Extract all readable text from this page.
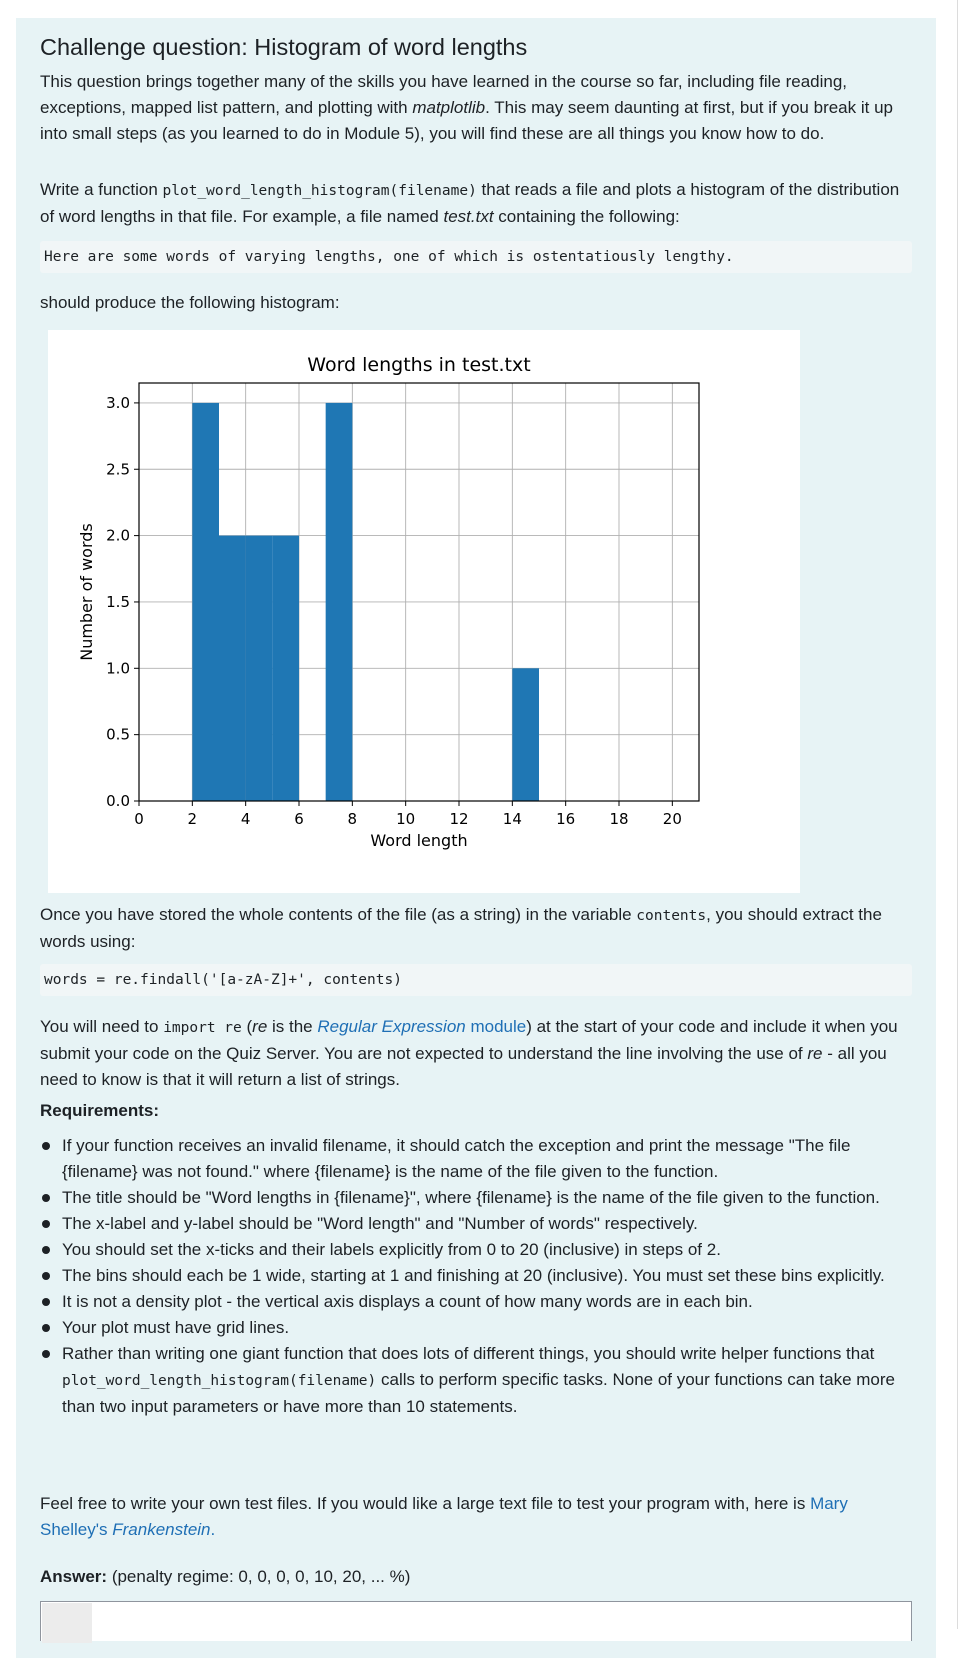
Challenge question: Histogram of word lengths

This question brings together many of the skills you have learned in the course so far, including file reading, exceptions, mapped list pattern, and plotting with matplotlib. This may seem daunting at first, but if you break it up into small steps (as you learned to do in Module 5), you will find these are all things you know how to do.

Write a function plot_word_length_histogram(filename) that reads a file and plots a histogram of the distribution of word lengths in that file. For example, a file named test.txt containing the following:

Here are some words of varying lengths, one of which is ostentatiously lengthy.

should produce the following histogram:

0	2	4	6	8	10 12 14 16 18 20
0.0
0.5
1.0
1.5
2.0
2.5
3.0
Word lengths in test.txt
Word length
Number of words

Once you have stored the whole contents of the file (as a string) in the variable contents, you should extract the words using:

words = re.findall('[a-zA-Z]+', contents)

You will need to import re (re is the Regular Expression module) at the start of your code and include it when you submit your code on the Quiz Server. You are not expected to understand the line involving the use of re - all you need to know is that it will return a list of strings.

Requirements:

If your function receives an invalid filename, it should catch the exception and print the message "The file {filename} was not found." where {filename} is the name of the file given to the function.
The title should be "Word lengths in {filename}", where {filename} is the name of the file given to the function.
The x-label and y-label should be "Word length" and "Number of words" respectively.
You should set the x-ticks and their labels explicitly from 0 to 20 (inclusive) in steps of 2.
The bins should each be 1 wide, starting at 1 and finishing at 20 (inclusive). You must set these bins explicitly.
It is not a density plot - the vertical axis displays a count of how many words are in each bin.
Your plot must have grid lines.
Rather than writing one giant function that does lots of different things, you should write helper functions that plot_word_length_histogram(filename) calls to perform specific tasks. None of your functions can take more than two input parameters or have more than 10 statements.

Feel free to write your own test files. If you would like a large text file to test your program with, here is Mary Shelley's Frankenstein.

Answer: (penalty regime: 0, 0, 0, 0, 10, 20, ... %)
